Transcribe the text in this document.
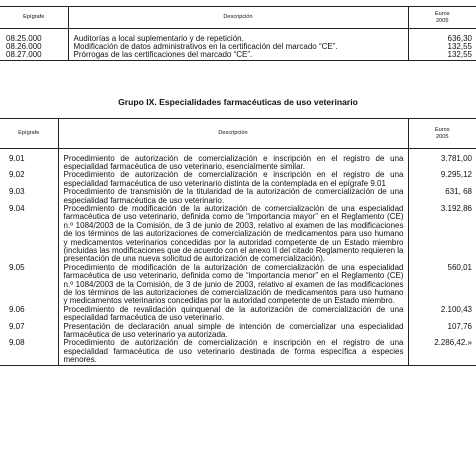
Epígrafe	Descripción	Euros
2005

08.25.000	Auditorías a local suplementario y de repetición.	636,30
08.26.000	Modificación de datos administrativos en la certificación del marcado “CE”.	132,55
08.27.000	Prórrogas de las certificaciones del marcado “CE”.	132,55
Grupo IX. Especialidades farmacéuticas de uso veterinario
Epígrafe	Descripción	Euros
2005

9.01	Procedimiento de autorización de comercialización e inscripción en el registro de una especialidad farmacéutica de uso veterinario, esencialmente similar.	3.781,00
9.02	Procedimiento de autorización de comercialización e inscripción en el registro de una especialidad farmacéutica de uso veterinario distinta de la contemplada en el epígrafe 9.01	9.295,12
9.03	Procedimiento de transmisión de la titularidad de la autorización de comercialización de una especialidad farmacéutica de uso veterinario.	631, 68
9.04	Procedimiento de modificación de la autorización de comercialización de una especialidad farmacéutica de uso veterinario, definida como de “importancia mayor” en el Reglamento (CE) n.º 1084/2003 de la Comisión, de 3 de junio de 2003, relativo al examen de las modificaciones de los términos de las autorizaciones de comercialización de medicamentos para uso humano y medicamentos veterinarios concedidas por la autoridad competente de un Estado miembro (incluidas las modificaciones que de acuerdo con el anexo II del citado Reglamento requieren la presentación de una nueva solicitud de autorización de comercialización).	3.192,86
9.05	Procedimiento de modificación de la autorización de comercialización de una especialidad farmacéutica de uso veterinario, definida como de “importancia menor” en el Reglamento (CE) n.º 1084/2003 de la Comisión, de 3 de junio de 2003, relativo al examen de las modificaciones de los términos de las autorizaciones de comercialización de medicamentos para uso humano y medicamentos veterinarios concedidas por la autoridad competente de un Estado miembro.	560,01
9.06	Procedimiento de revalidación quinquenal de la autorización de comercialización de una especialidad farmacéutica de uso veterinario.	2.100,43
9.07	Presentación de declaración anual simple de intención de comercializar una especialidad farmacéutica de uso veterinario ya autorizada.	107,76
9.08	Procedimiento de autorización de comercialización e inscripción en el registro de una especialidad farmacéutica de uso veterinario destinada de forma específica a especies menores.	2.286,42.»
